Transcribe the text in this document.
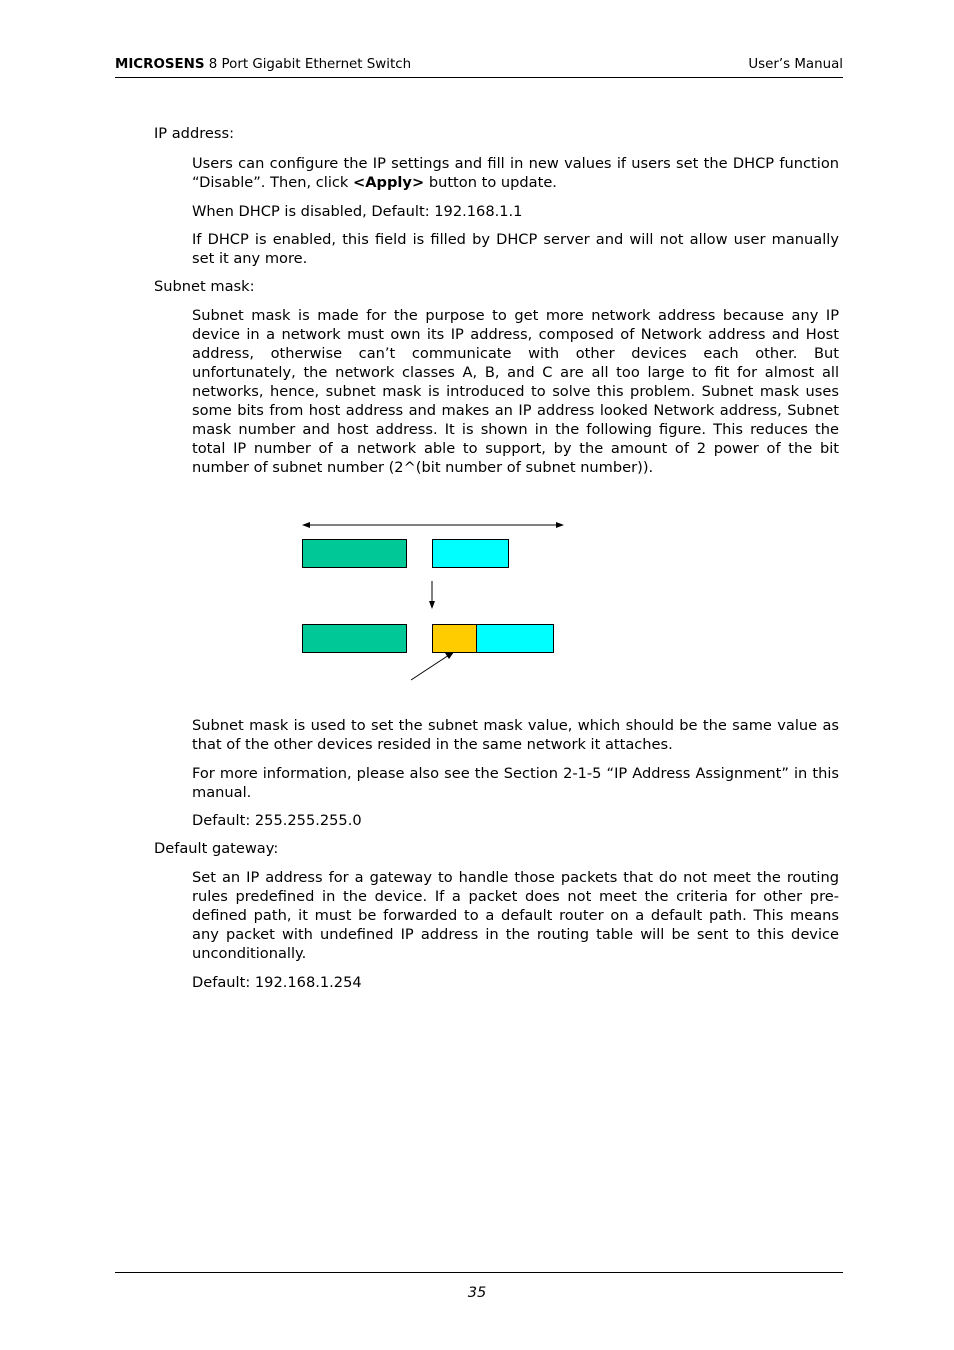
MICROSENS 8 Port Gigabit Ethernet Switch	User’s Manual
IP address:
Users can configure the IP settings and fill in new values if users set the DHCP function “Disable”. Then, click <Apply> button to update.
When DHCP is disabled, Default: 192.168.1.1
If DHCP is enabled, this field is filled by DHCP server and will not allow user manually set it any more.
Subnet mask:
Subnet mask is made for the purpose to get more network address because any IP device in a network must own its IP address, composed of Network address and Host address, otherwise can’t communicate with other devices each other. But unfortunately, the network classes A, B, and C are all too large to fit for almost all networks, hence, subnet mask is introduced to solve this problem. Subnet mask uses some bits from host address and makes an IP address looked Network address, Subnet mask number and host address. It is shown in the following figure. This reduces the total IP number of a network able to support, by the amount of 2 power of the bit number of subnet number (2^(bit number of subnet number)).
Subnet mask is used to set the subnet mask value, which should be the same value as that of the other devices resided in the same network it attaches.
For more information, please also see the Section 2-1-5 “IP Address Assignment” in this manual.
Default: 255.255.255.0
Default gateway:
Set an IP address for a gateway to handle those packets that do not meet the routing rules predefined in the device. If a packet does not meet the criteria for other pre-defined path, it must be forwarded to a default router on a default path. This means any packet with undefined IP address in the routing table will be sent to this device unconditionally.
Default: 192.168.1.254
35
